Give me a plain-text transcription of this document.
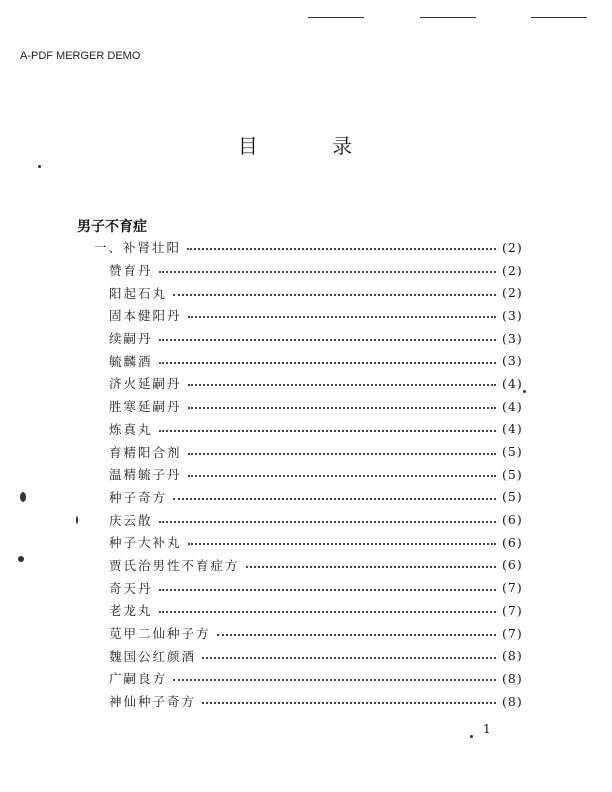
A-PDF MERGER DEMO
目 录
男子不育症
一、补肾壮阳	(2)
赞育丹	(2)
阳起石丸	(2)
固本健阳丹	(3)
续嗣丹	(3)
毓麟酒	(3)
济火延嗣丹	(4)
胜寒延嗣丹	(4)
炼真丸	(4)
育精阳合剂	(5)
温精毓子丹	(5)
种子奇方	(5)
庆云散	(6)
种子大补丸	(6)
贾氏治男性不育症方	(6)
奇天丹	(7)
老龙丸	(7)
苋甲二仙种子方	(7)
魏国公红颜酒	(8)
广嗣良方	(8)
神仙种子奇方	(8)
1
